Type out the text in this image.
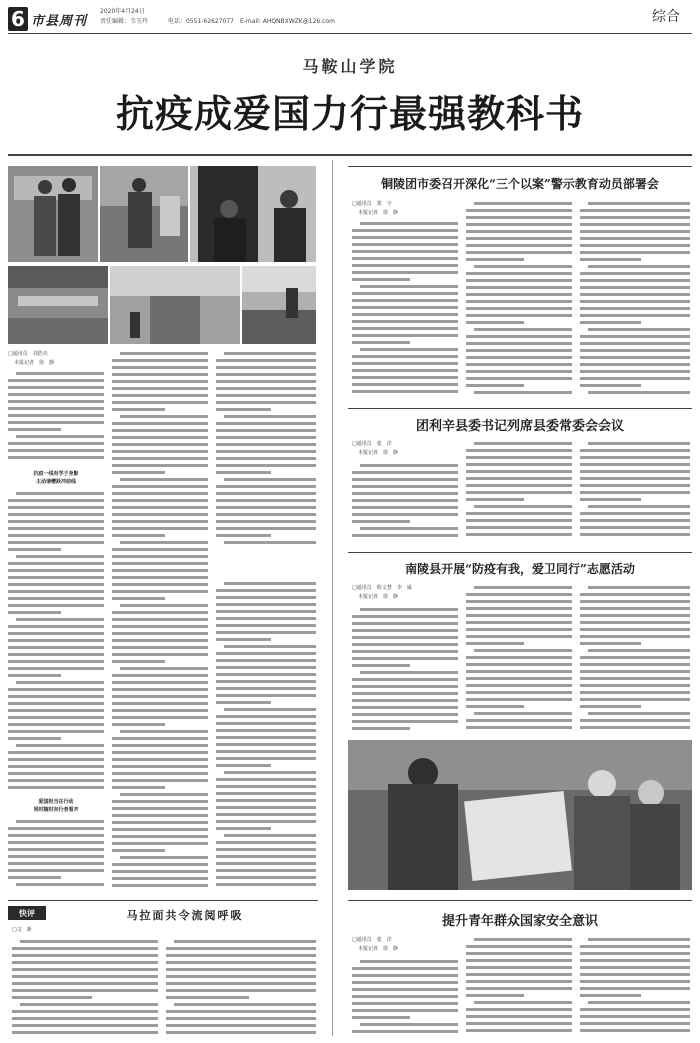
6 市县周刊
2020年4月24日
责任编辑：韦玉玲	电话：0551-62627077　E-mail: AHQNBXWZK@126.com	综合
马鞍山学院
抗疫成爱国力行最强教科书
□通讯员　刘浩亮
本报记者　徐　静
抗疫一线有学子身影
主动请缨跃冲前线
爱国担当在行动
同时随时向行者看齐
快评
□文　新
马拉面共令流阅呼吸
铜陵团市委召开深化“三个以案”警示教育动员部署会
□通讯员　郑　宇
本报记者　徐　静
团利辛县委书记列席县委常委会会议
□通讯员　张　洋
本报记者　徐　静
南陵县开展“防疫有我，爱卫同行”志愿活动
□通讯员　程文慧　李　威
本报记者　徐　静
提升青年群众国家安全意识
□通讯员　张　洋
本报记者　徐　静
